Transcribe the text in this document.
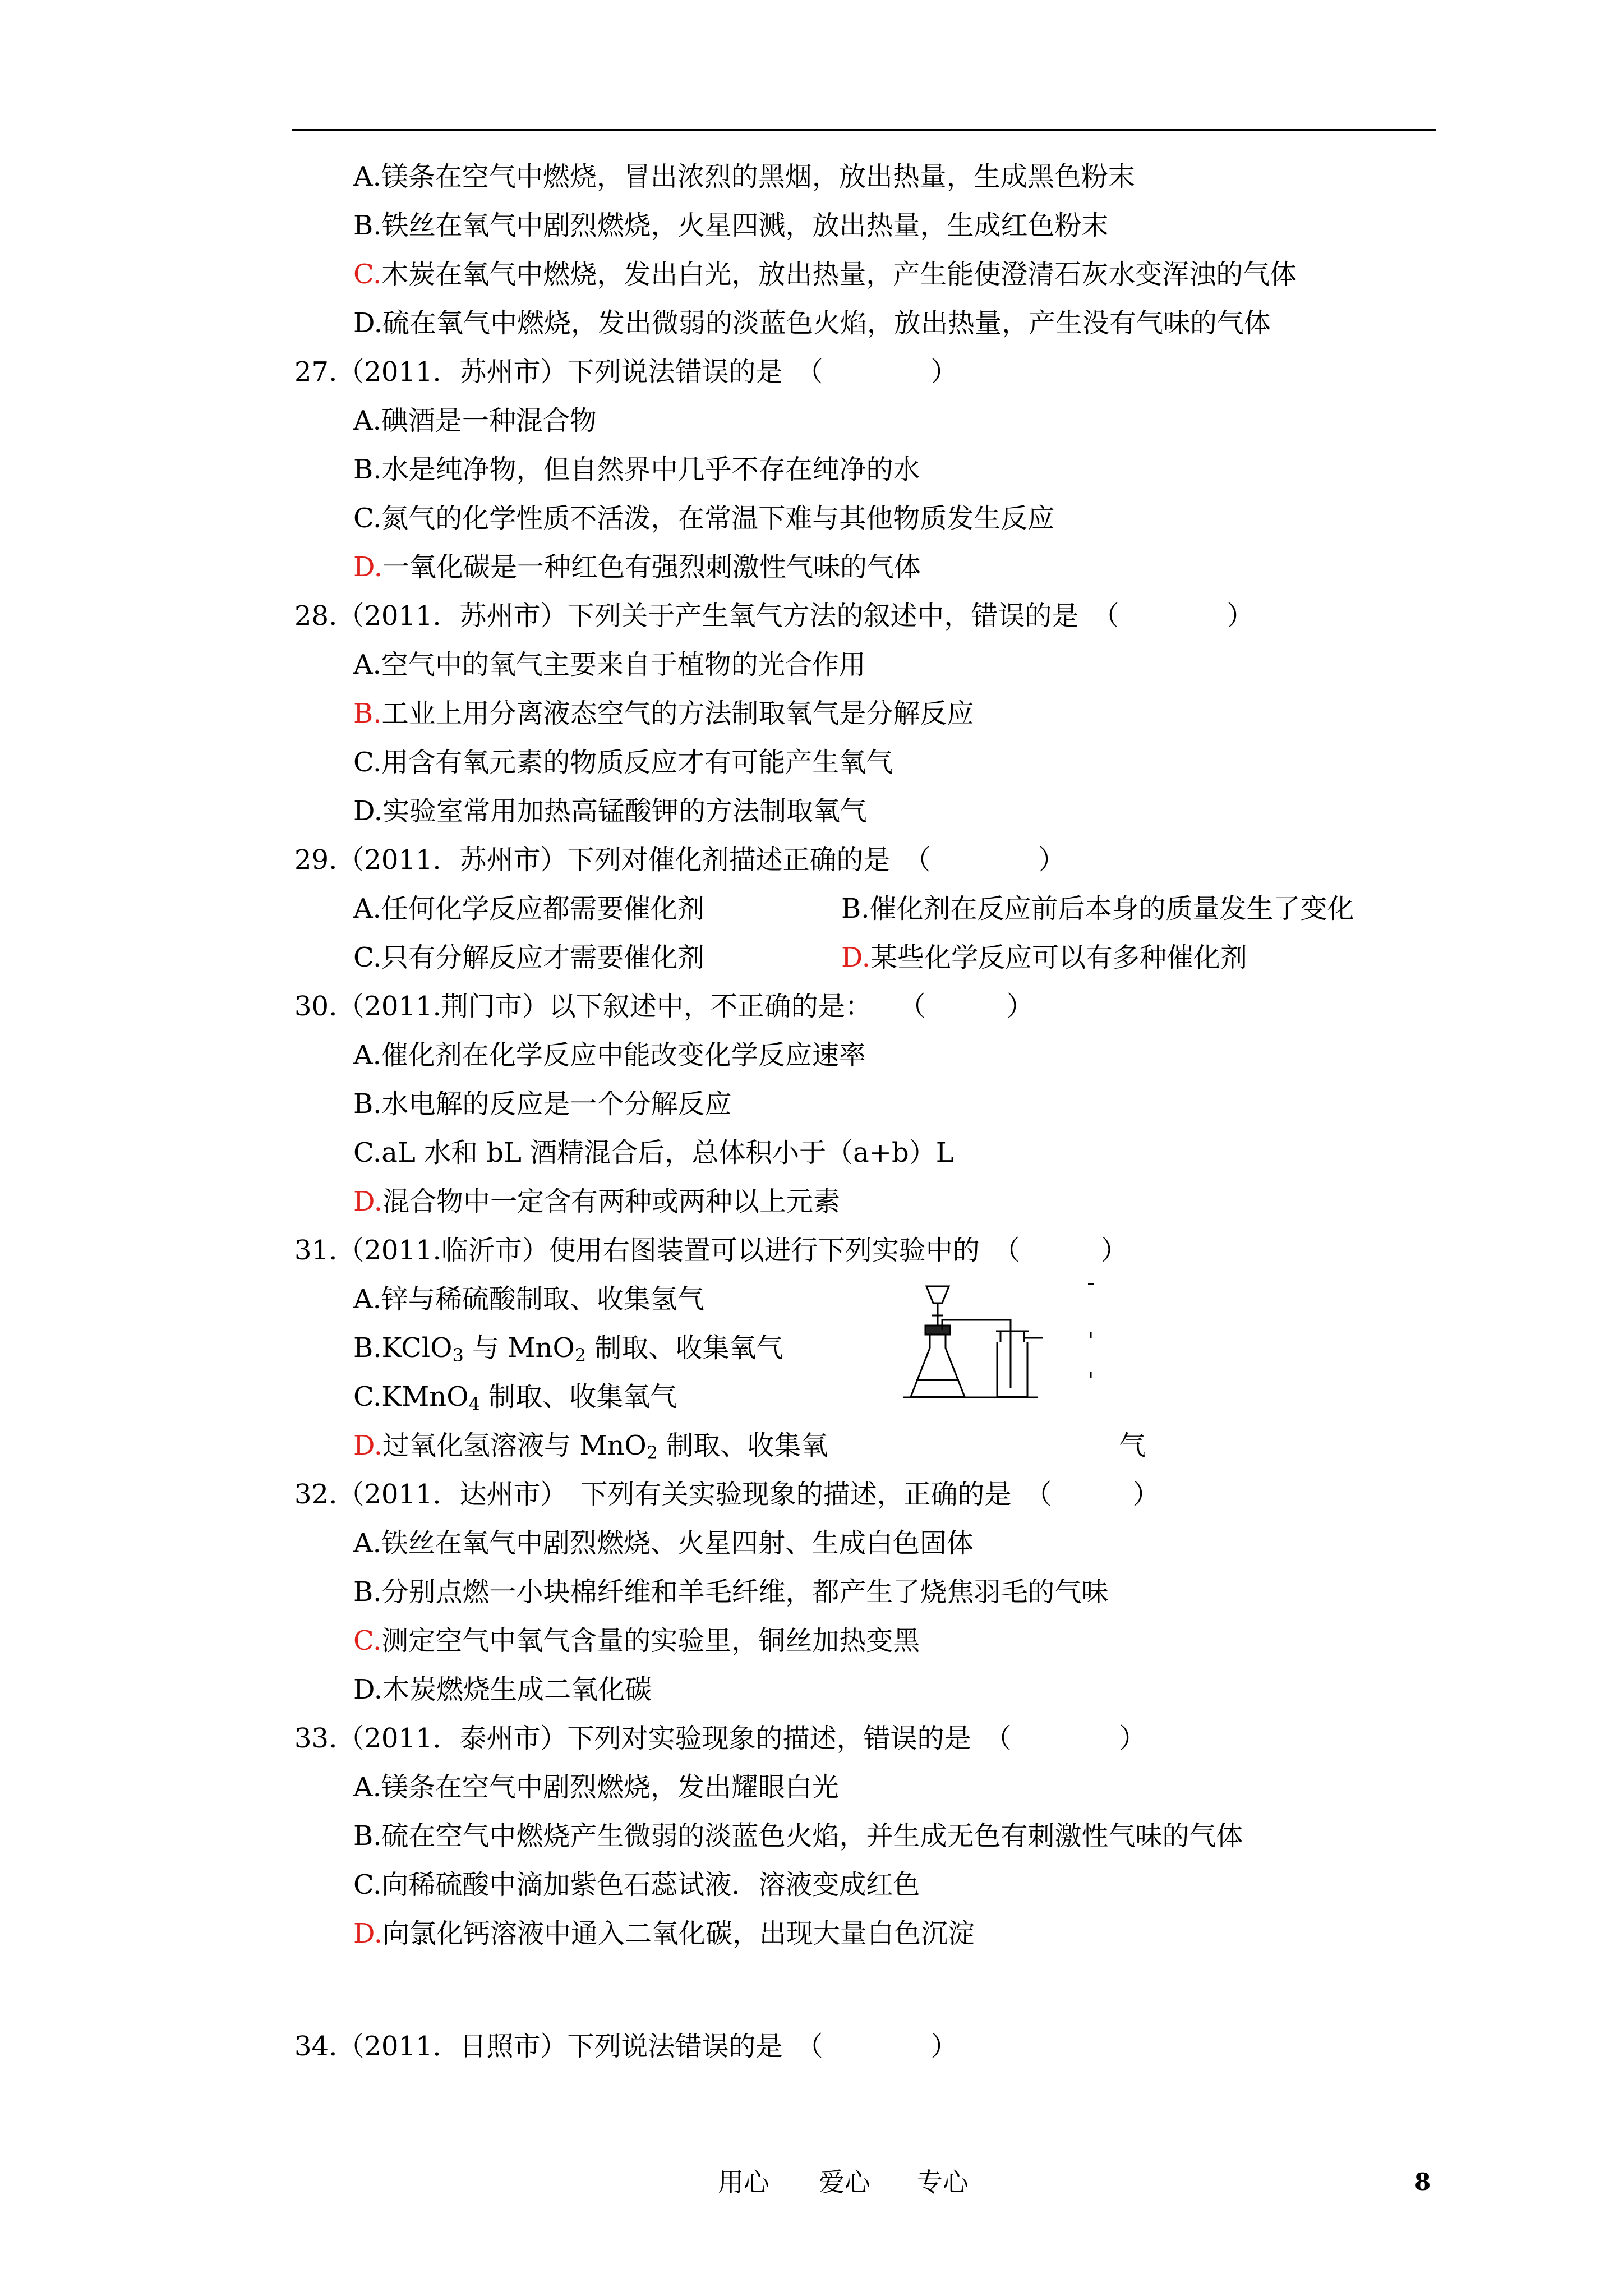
A.镁条在空气中燃烧，冒出浓烈的黑烟，放出热量，生成黑色粉末
B.铁丝在氧气中剧烈燃烧，火星四溅，放出热量，生成红色粉末
C.木炭在氧气中燃烧，发出白光，放出热量，产生能使澄清石灰水变浑浊的气体
D.硫在氧气中燃烧，发出微弱的淡蓝色火焰，放出热量，产生没有气味的气体
27.（2011．苏州市）下列说法错误的是　（　　　　）
A.碘酒是一种混合物
B.水是纯净物，但自然界中几乎不存在纯净的水
C.氮气的化学性质不活泼，在常温下难与其他物质发生反应
D.一氧化碳是一种红色有强烈刺激性气味的气体
28.（2011．苏州市）下列关于产生氧气方法的叙述中，错误的是　（　　　　）
A.空气中的氧气主要来自于植物的光合作用
B.工业上用分离液态空气的方法制取氧气是分解反应
C.用含有氧元素的物质反应才有可能产生氧气
D.实验室常用加热高锰酸钾的方法制取氧气
29.（2011．苏州市）下列对催化剂描述正确的是　（　　　　）
A.任何化学反应都需要催化剂	B.催化剂在反应前后本身的质量发生了变化
C.只有分解反应才需要催化剂	D.某些化学反应可以有多种催化剂
30.（2011.荆门市）以下叙述中，不正确的是：　　（　　　）
A.催化剂在化学反应中能改变化学反应速率
B.水电解的反应是一个分解反应
C.aL 水和 bL 酒精混合后，总体积小于（a+b）L
D.混合物中一定含有两种或两种以上元素
31.（2011.临沂市）使用右图装置可以进行下列实验中的　（　　　）
A.锌与稀硫酸制取、收集氢气
B.KClO$_3$ 与 MnO$_2$ 制取、收集氧气
C.KMnO$_4$ 制取、收集氧气
D.过氧化氢溶液与 MnO$_2$ 制取、收集氧	气
32.（2011．达州市）　下列有关实验现象的描述，正确的是　（　　　）
A.铁丝在氧气中剧烈燃烧、火星四射、生成白色固体
B.分别点燃一小块棉纤维和羊毛纤维，都产生了烧焦羽毛的气味
C.测定空气中氧气含量的实验里，铜丝加热变黑
D.木炭燃烧生成二氧化碳
33.（2011．泰州市）下列对实验现象的描述，错误的是　（　　　　）
A.镁条在空气中剧烈燃烧，发出耀眼白光
B.硫在空气中燃烧产生微弱的淡蓝色火焰，并生成无色有刺激性气味的气体
C.向稀硫酸中滴加紫色石蕊试液．溶液变成红色
D.向氯化钙溶液中通入二氧化碳，出现大量白色沉淀
34.（2011．日照市）下列说法错误的是　（　　　　）
用心 爱心 专心	8
